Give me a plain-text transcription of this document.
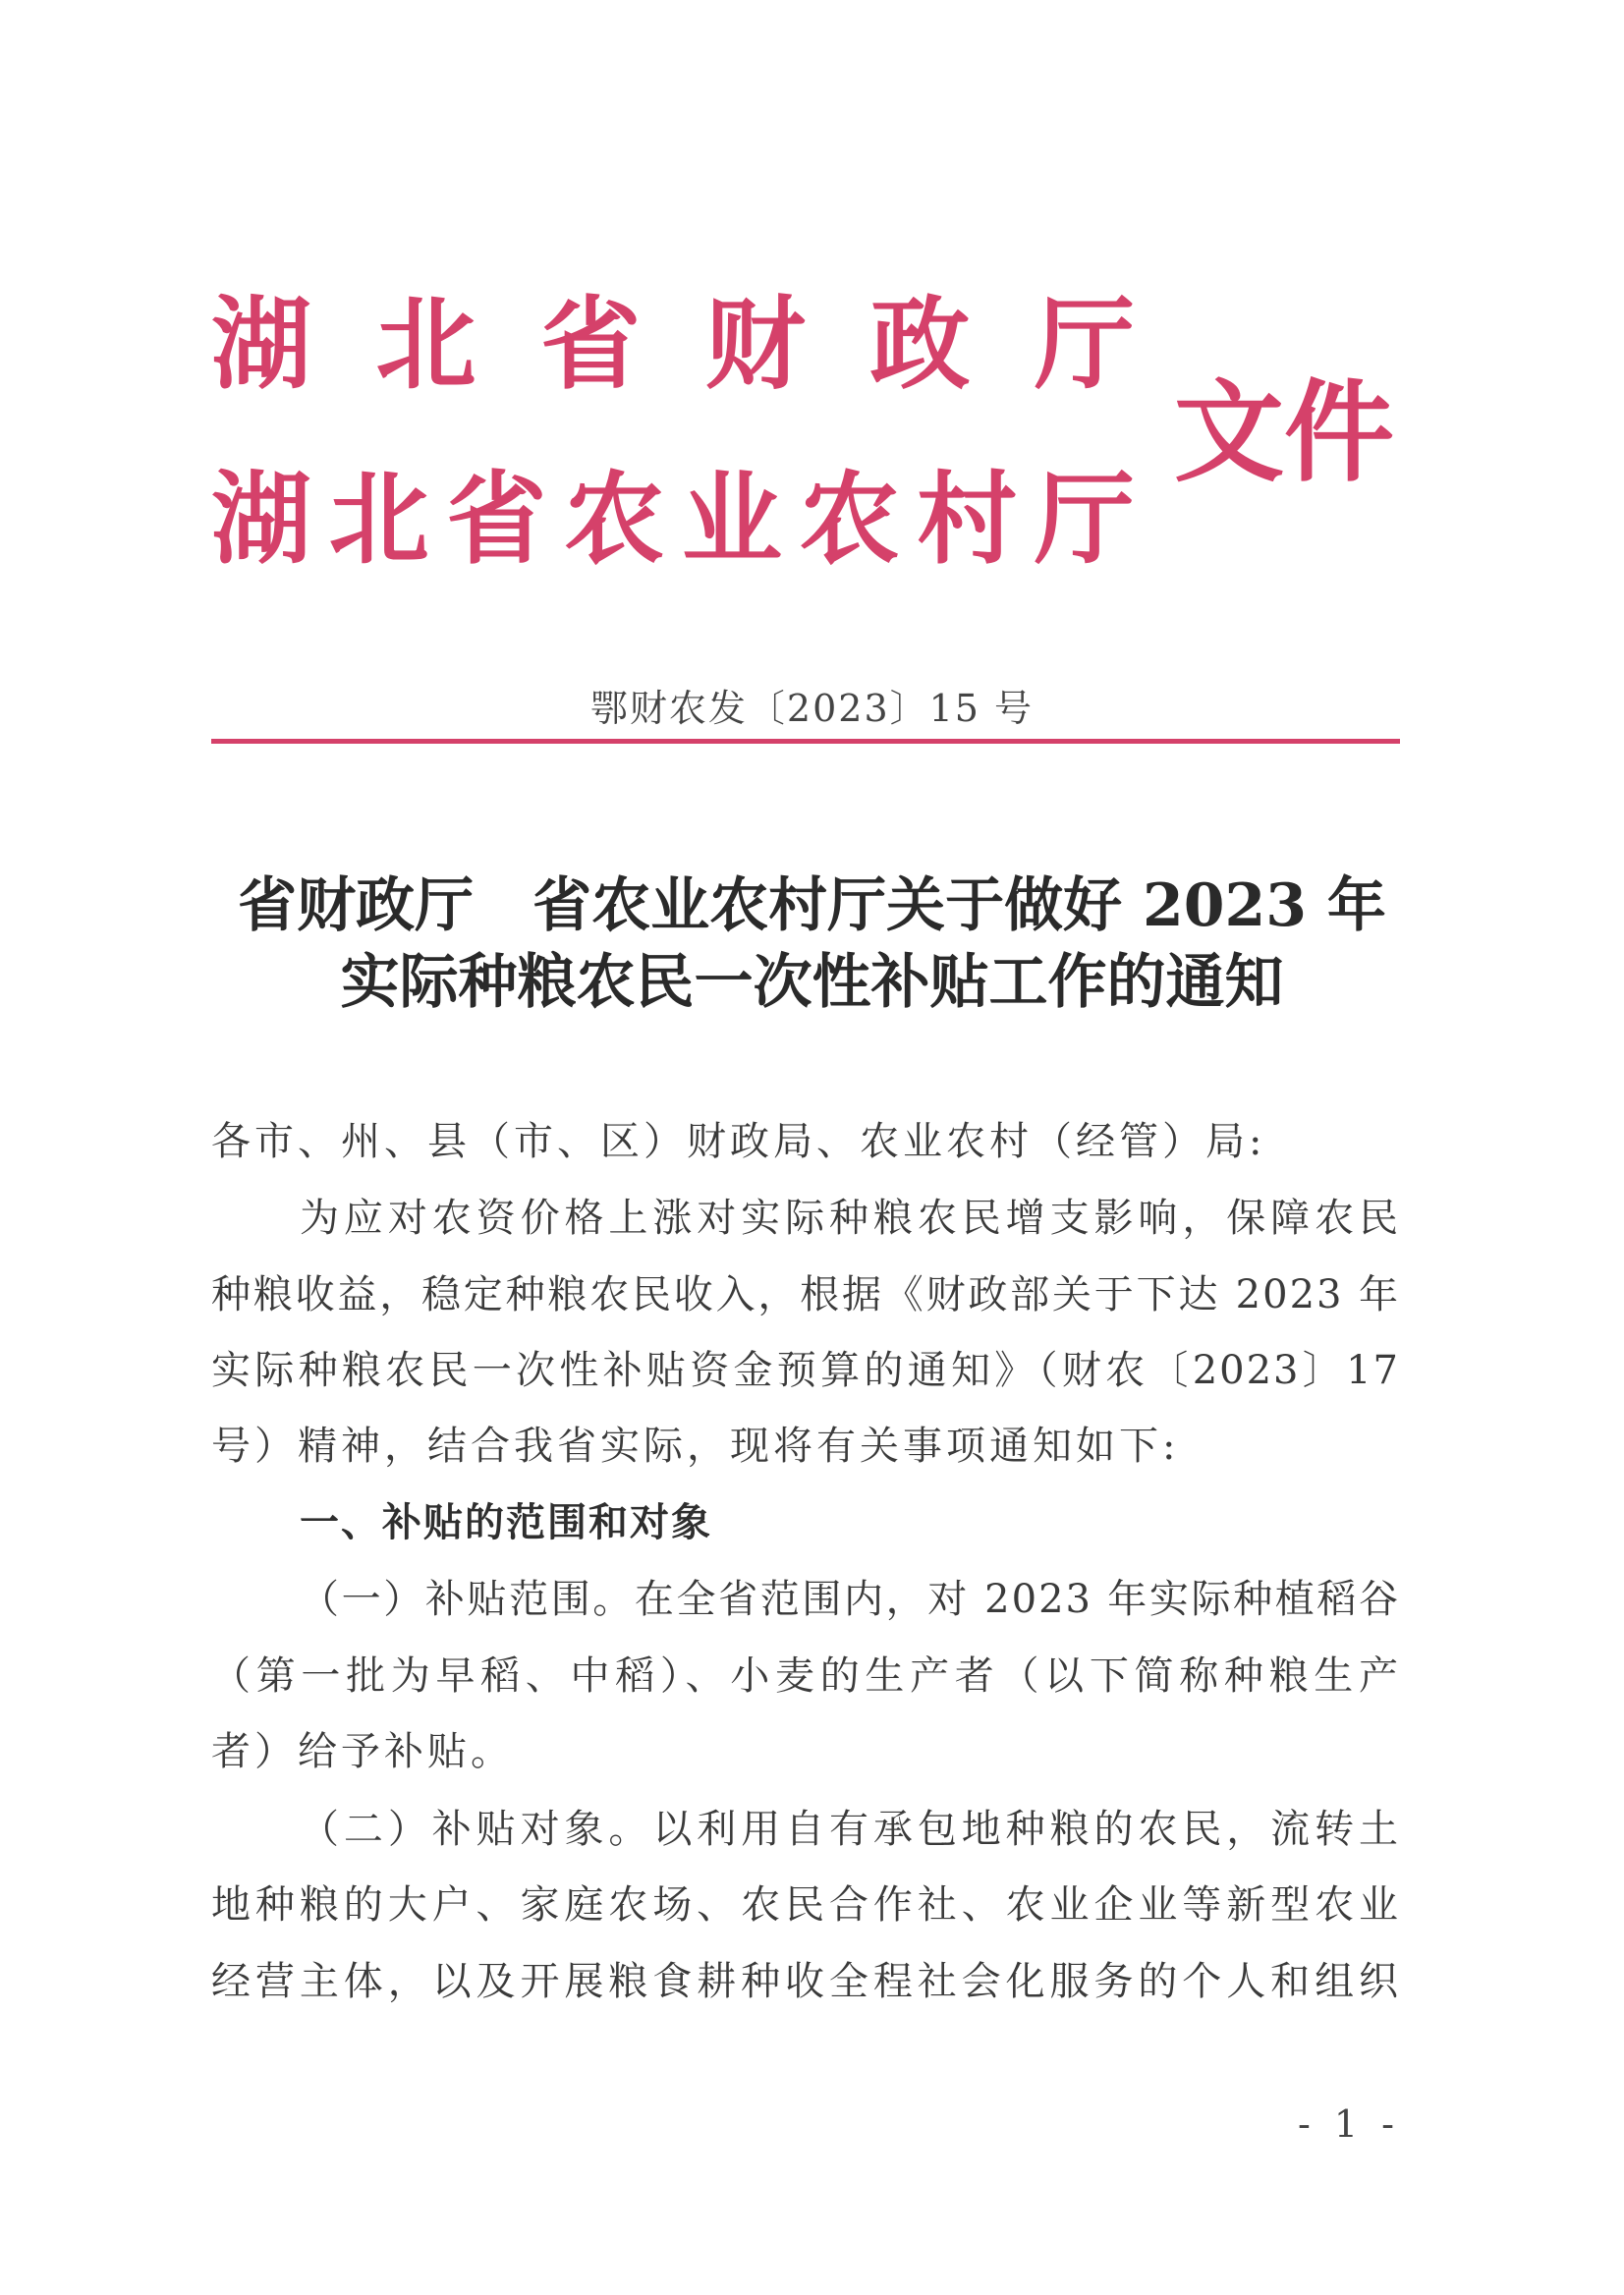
湖 北 省 财 政 厅
湖 北 省 农 业 农 村 厅
文件
鄂财农发〔2023〕15 号
省财政厅　省农业农村厅关于做好 2023 年
实际种粮农民一次性补贴工作的通知
各市、州、县（市、区）财政局、农业农村（经管）局:
为应对农资价格上涨对实际种粮农民增支影响，保障农民
种粮收益，稳定种粮农民收入，根据《财政部关于下达 2023 年
实际种粮农民一次性补贴资金预算的通知》（财农〔2023〕17
号）精神，结合我省实际，现将有关事项通知如下:
一、补贴的范围和对象
（一）补贴范围。在全省范围内，对 2023 年实际种植稻谷
（第一批为早稻、中稻）、小麦的生产者（以下简称种粮生产
者）给予补贴。
（二）补贴对象。以利用自有承包地种粮的农民，流转土
地种粮的大户、家庭农场、农民合作社、农业企业等新型农业
经营主体，以及开展粮食耕种收全程社会化服务的个人和组织
- 1 -
